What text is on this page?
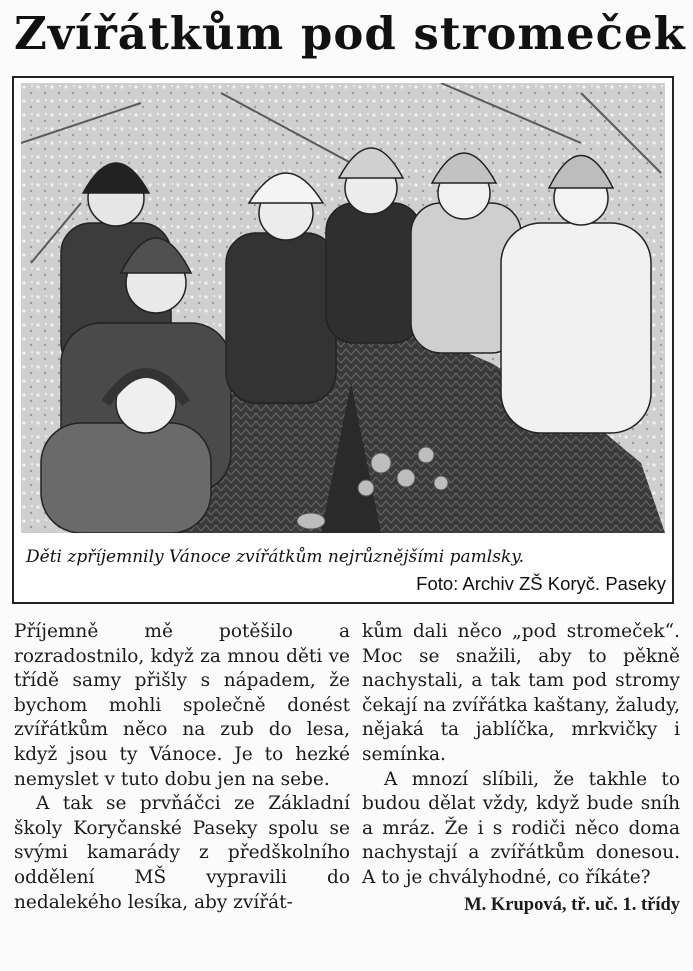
Zvířátkům pod stromeček
Děti zpříjemnily Vánoce zvířátkům nejrůznějšími pamlsky.
Foto: Archiv ZŠ Koryč. Paseky

Příjemně mě potěšilo a rozradostnilo, když za mnou děti ve třídě samy přišly s nápadem, že bychom mohli společně donést zvířátkům něco na zub do lesa, když jsou ty Vánoce. Je to hezké nemyslet v tuto dobu jen na sebe.

A tak se prvňáčci ze Základní školy Koryčanské Paseky spolu se svými kamarády z předškolního oddělení MŠ vypravili do nedalekého lesíka, aby zvířát-

kům dali něco „pod stromeček“. Moc se snažili, aby to pěkně nachystali, a tak tam pod stromy čekají na zvířátka kaštany, žaludy, nějaká ta jablíčka, mrkvičky i semínka.

A mnozí slíbili, že takhle to budou dělat vždy, když bude sníh a mráz. Že i s rodiči něco doma nachystají a zvířátkům donesou. A to je chvályhodné, co říkáte?

M. Krupová, tř. uč. 1. třídy
